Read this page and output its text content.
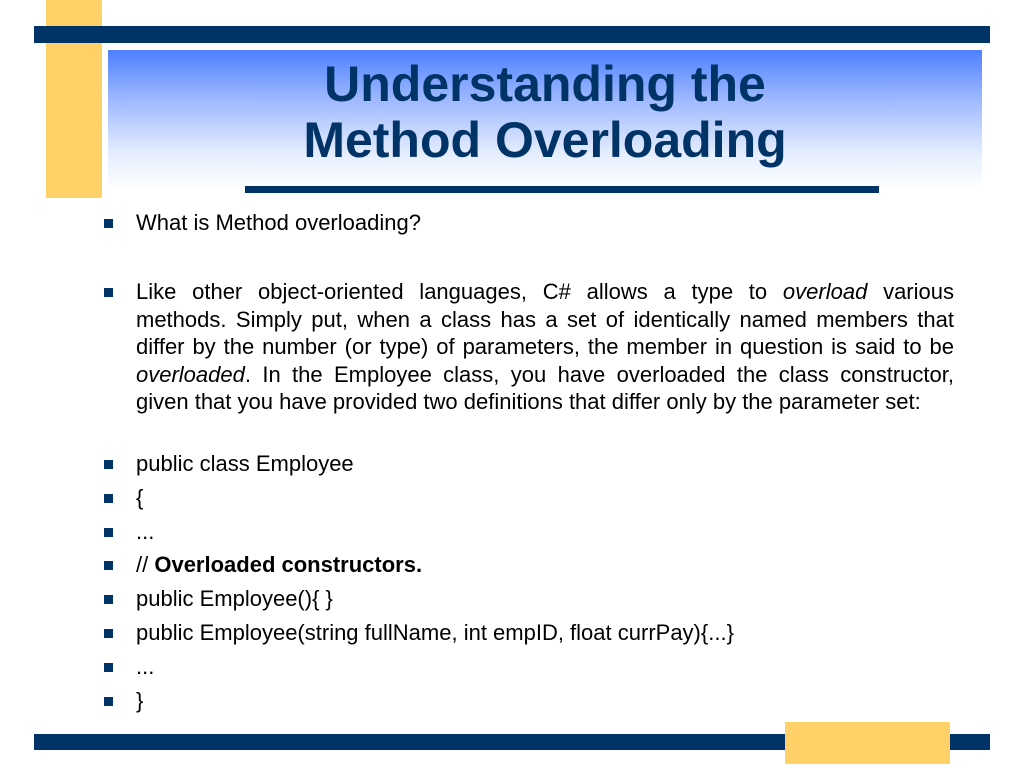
Understanding the
Method Overloading
What is Method overloading?
Like other object-oriented languages, C# allows a type to overload various methods. Simply put, when a class has a set of identically named members that differ by the number (or type) of parameters, the member in question is said to be overloaded. In the Employee class, you have overloaded the class constructor, given that you have provided two definitions that differ only by the parameter set:
public class Employee
{
...
// Overloaded constructors.
public Employee(){ }
public Employee(string fullName, int empID, float currPay){...}
...
}
